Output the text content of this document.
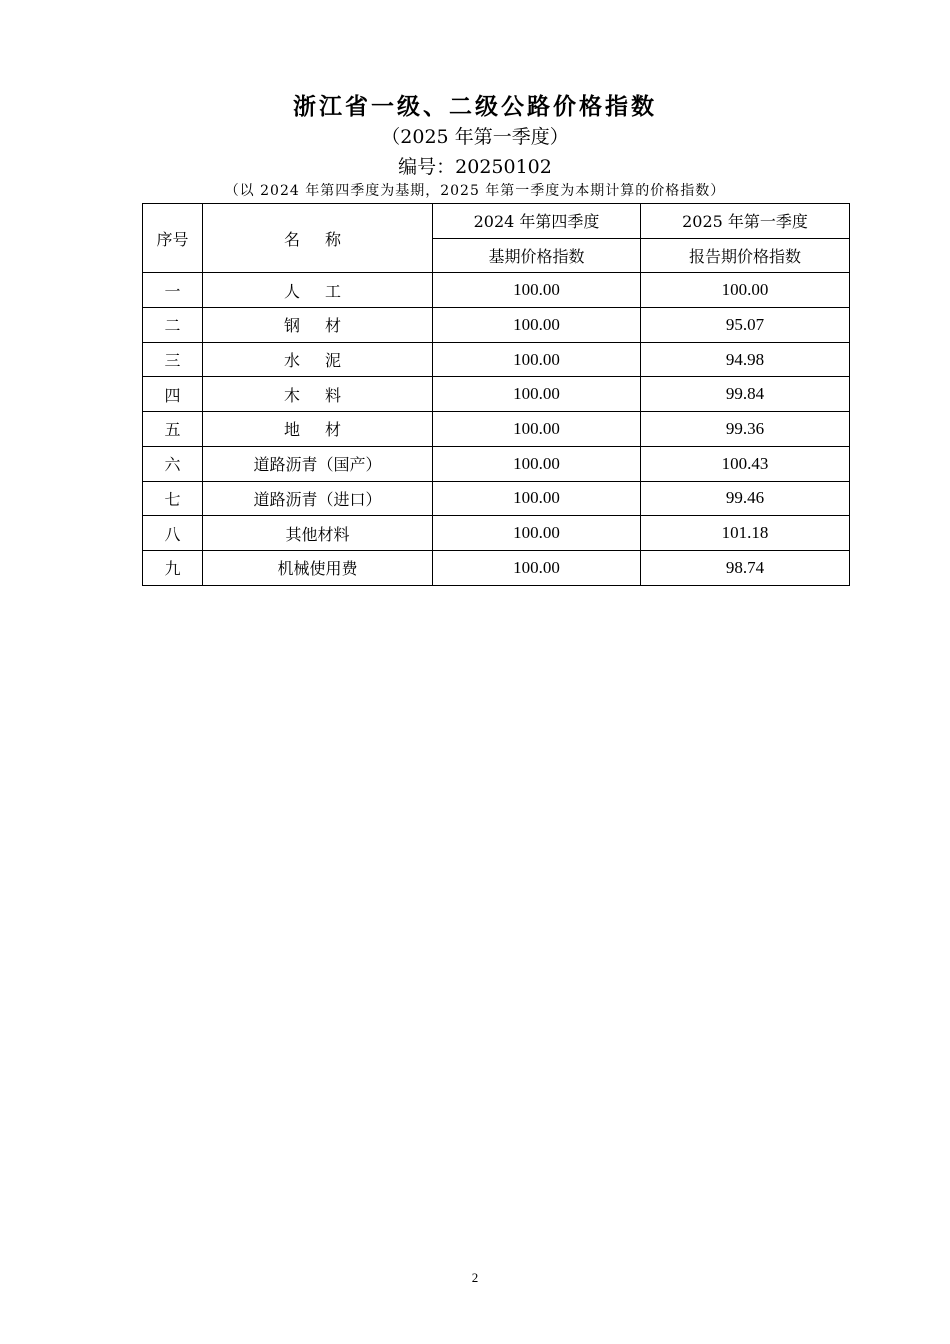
浙江省一级、二级公路价格指数
（2025 年第一季度）
编号：20250102
（以 2024 年第四季度为基期，2025 年第一季度为本期计算的价格指数）
序号	名 称	2024 年第四季度	2025 年第一季度
		基期价格指数	报告期价格指数
一	人 工	100.00	100.00
二	钢 材	100.00	95.07
三	水 泥	100.00	94.98
四	木 料	100.00	99.84
五	地 材	100.00	99.36
六	道路沥青（国产）	100.00	100.43
七	道路沥青（进口）	100.00	99.46
八	其他材料	100.00	101.18
九	机械使用费	100.00	98.74
2
